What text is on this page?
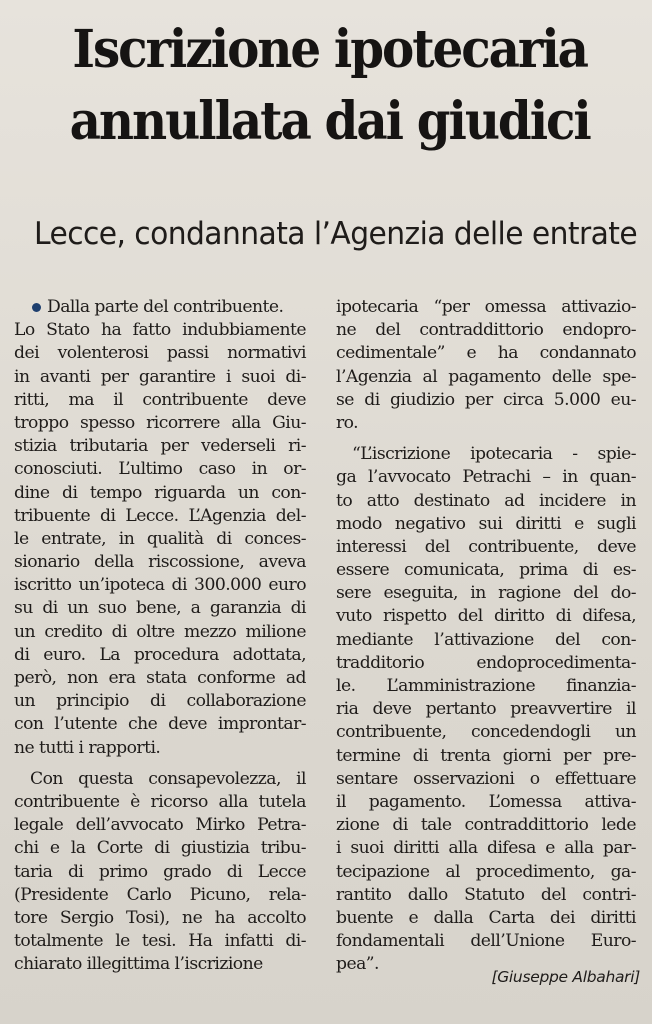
Iscrizione ipotecaria
annullata dai giudici
Lecce, condannata l’Agenzia delle entrate
Dalla parte del contribuente.
Lo Stato ha fatto indubbiamente
dei volenterosi passi normativi
in avanti per garantire i suoi di-
ritti, ma il contribuente deve
troppo spesso ricorrere alla Giu-
stizia tributaria per vederseli ri-
conosciuti. L’ultimo caso in or-
dine di tempo riguarda un con-
tribuente di Lecce. L’Agenzia del-
le entrate, in qualità di conces-
sionario della riscossione, aveva
iscritto un’ipoteca di 300.000 euro
su di un suo bene, a garanzia di
un credito di oltre mezzo milione
di euro. La procedura adottata,
però, non era stata conforme ad
un principio di collaborazione
con l’utente che deve improntar-
ne tutti i rapporti.
Con questa consapevolezza, il
contribuente è ricorso alla tutela
legale dell’avvocato Mirko Petra-
chi e la Corte di giustizia tribu-
taria di primo grado di Lecce
(Presidente Carlo Picuno, rela-
tore Sergio Tosi), ne ha accolto
totalmente le tesi. Ha infatti di-
chiarato illegittima l’iscrizione
ipotecaria “per omessa attivazio-
ne del contraddittorio endopro-
cedimentale” e ha condannato
l’Agenzia al pagamento delle spe-
se di giudizio per circa 5.000 eu-
ro.
“L’iscrizione ipotecaria - spie-
ga l’avvocato Petrachi – in quan-
to atto destinato ad incidere in
modo negativo sui diritti e sugli
interessi del contribuente, deve
essere comunicata, prima di es-
sere eseguita, in ragione del do-
vuto rispetto del diritto di difesa,
mediante l’attivazione del con-
tradditorio endoprocedimenta-
le. L’amministrazione finanzia-
ria deve pertanto preavvertire il
contribuente, concedendogli un
termine di trenta giorni per pre-
sentare osservazioni o effettuare
il pagamento. L’omessa attiva-
zione di tale contraddittorio lede
i suoi diritti alla difesa e alla par-
tecipazione al procedimento, ga-
rantito dallo Statuto del contri-
buente e dalla Carta dei diritti
fondamentali dell’Unione Euro-
pea”.
[Giuseppe Albahari]
